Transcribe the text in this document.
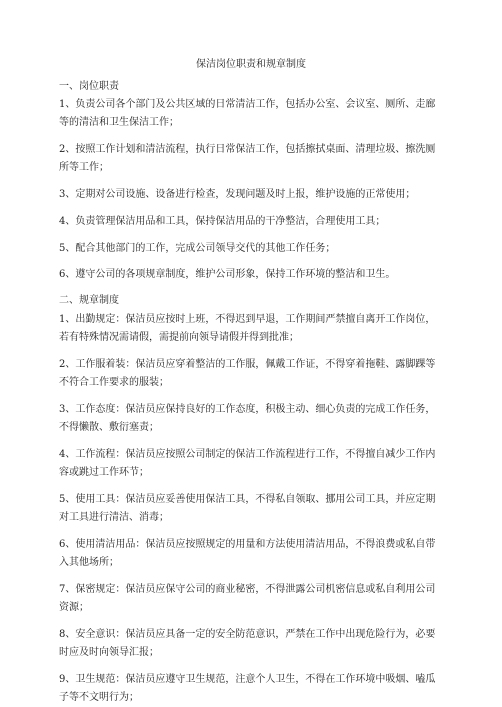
保洁岗位职责和规章制度
一、岗位职责
1、负责公司各个部门及公共区域的日常清洁工作，包括办公室、会议室、厕所、走廊等的清洁和卫生保洁工作；
2、按照工作计划和清洁流程，执行日常保洁工作，包括擦拭桌面、清理垃圾、擦洗厕所等工作；
3、定期对公司设施、设备进行检查，发现问题及时上报，维护设施的正常使用；
4、负责管理保洁用品和工具，保持保洁用品的干净整洁，合理使用工具；
5、配合其他部门的工作，完成公司领导交代的其他工作任务；
6、遵守公司的各项规章制度，维护公司形象，保持工作环境的整洁和卫生。
二、规章制度
1、出勤规定：保洁员应按时上班，不得迟到早退，工作期间严禁擅自离开工作岗位，若有特殊情况需请假，需提前向领导请假并得到批准；
2、工作服着装：保洁员应穿着整洁的工作服，佩戴工作证，不得穿着拖鞋、露脚踝等不符合工作要求的服装；
3、工作态度：保洁员应保持良好的工作态度，积极主动、细心负责的完成工作任务，不得懒散、敷衍塞责；
4、工作流程：保洁员应按照公司制定的保洁工作流程进行工作，不得擅自减少工作内容或跳过工作环节；
5、使用工具：保洁员应妥善使用保洁工具，不得私自领取、挪用公司工具，并应定期对工具进行清洁、消毒；
6、使用清洁用品：保洁员应按照规定的用量和方法使用清洁用品，不得浪费或私自带入其他场所；
7、保密规定：保洁员应保守公司的商业秘密，不得泄露公司机密信息或私自利用公司资源；
8、安全意识：保洁员应具备一定的安全防范意识，严禁在工作中出现危险行为，必要时应及时向领导汇报；
9、卫生规范：保洁员应遵守卫生规范，注意个人卫生，不得在工作环境中吸烟、嗑瓜子等不文明行为；
